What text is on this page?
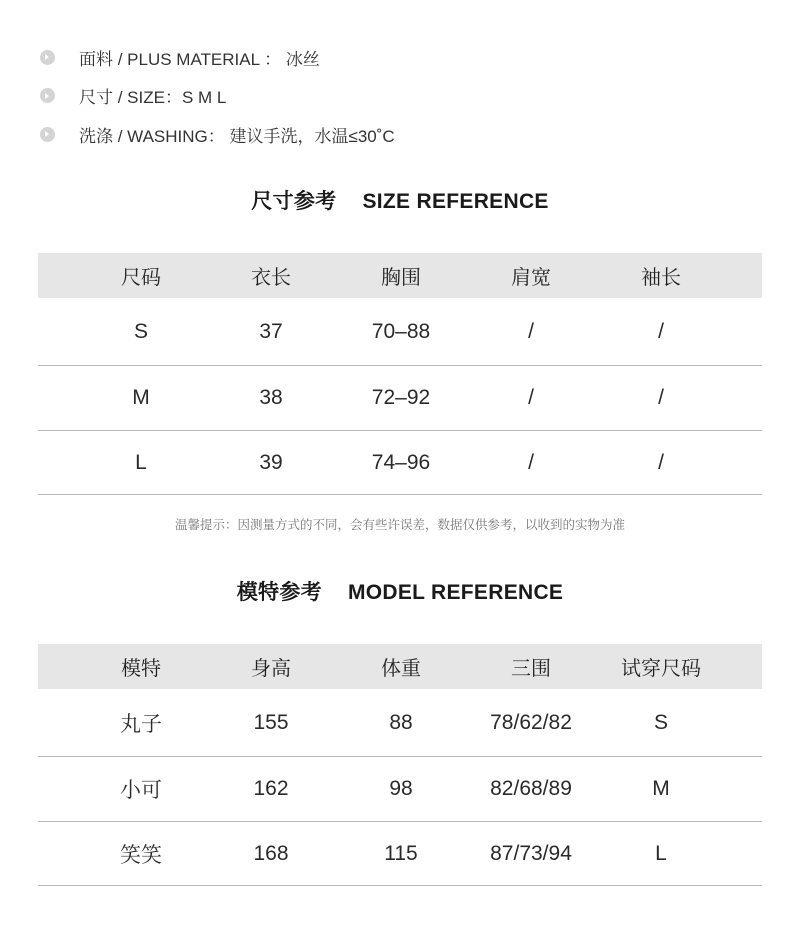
面料 / PLUS MATERIAL ： 冰丝
尺寸 / SIZE：S M L
洗涤 / WASHING： 建议手洗，水温≤30˚C
尺寸参考 SIZE REFERENCE
尺码	衣长	胸围	肩宽	袖长
S	37	70–88	/	/
M	38	72–92	/	/
L	39	74–96	/	/
温馨提示：因测量方式的不同，会有些许误差，数据仅供参考，以收到的实物为准
模特参考 MODEL REFERENCE
模特	身高	体重	三围	试穿尺码
丸子	155	88	78/62/82	S
小可	162	98	82/68/89	M
笑笑	168	115	87/73/94	L
